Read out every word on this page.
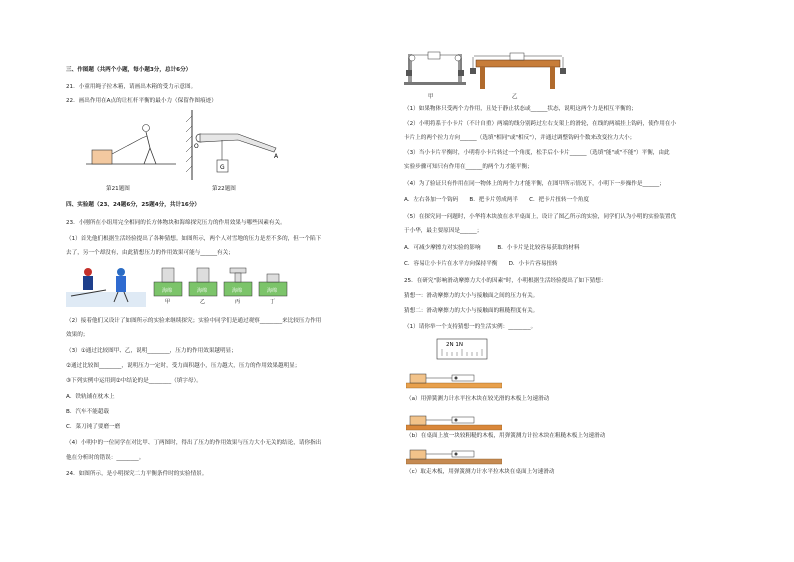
三、作图题（共两个小题，每小题3分，总计6分）
21．小童用绳子拉木箱，请画出木箱的受力示意图。
22．画出作用在A点的让杠杆平衡的最小力（保留作图痕迹）
第21题图
G
O
A
第22题图
四、实验题（23、24题6分，25题4分，共计16分）
23．小刚所在小组用完全相同的长方体物块和海绵探究压力的作用效果与哪些因素有关。
（1）首先他们根据生活经验提出了各种猜想。如图所示，两个人对雪地的压力是差不多的，但一个陷下
去了，另一个却没有，由此猜想压力的作用效果可能与______有关；
海绵
甲
海绵
乙
海绵
丙
海绵
丁
（2）接着他们又设计了如图所示的实验来继续探究；实验中同学们是通过观察________来比较压力作用
效果的；
（3）①通过比较图甲、乙，说明________，压力的作用效果越明显；
②通过比较图________，说明压力一定时，受力面积越小，压力越大，压力的作用效果越明显；
③下列实例中运用到②中结论的是________（填字母）。
A．铁轨铺在枕木上
B．汽车不能超载
C．菜刀钝了要磨一磨
（4）小明中的一位同学在对比甲、丁两图时，得出了压力的作用效果与压力大小无关的结论，请你指出
他在分析时的错误：________。
24．如图所示，是小明探究二力平衡条件时的实验情景。
甲	乙
（1）如果物体只受两个力作用，且处于静止状态或______状态，说明这两个力是相互平衡的；
（2）小明将系于小卡片（不计自重）两端的线分别跨过左右支架上的滑轮，在线的两端挂上钩码，使作用在小
卡片上的两个拉力方向______（选填"相同"或"相反"），并通过调整钩码个数来改变拉力大小；
（3）当小卡片平衡时，小明将小卡片转过一个角度，松手后小卡片______（选填"能"或"不能"）平衡，由此
实验步骤可知只有作用在______的两个力才能平衡；
（4）为了验证只有作用在同一物体上的两个力才能平衡，在图甲所示情况下，小明下一步操作是______；
A．左右各加一个钩码　　B．把卡片剪成两半　　C．把卡片扭转一个角度
（5）在探究同一问题时，小华将木块放在水平桌面上，设计了图乙所示的实验，同学们认为小明的实验装置优
于小华，最主要原因是______；
A．可减少摩擦力对实验的影响　　　B．小卡片是比较容易获取的材料
C．容易让小卡片在水平方向保持平衡　　D．小卡片容易扭转
25．在研究"影响滑动摩擦力大小的因素"时，小明根据生活经验提出了如下猜想：
猜想一：滑动摩擦力的大小与接触面之间的压力有关。
猜想二：滑动摩擦力的大小与接触面的粗糙程度有关。
（1）请你举一个支持猜想一的生活实例：________。
2N 1N
（a）用弹簧测力计水平拉木块在较光滑的木板上匀速滑动
（b）在桌面上放一块较粗糙的木板，用弹簧测力计拉木块在粗糙木板上匀速滑动
（c）取走木板，用弹簧测力计水平拉木块在桌面上匀速滑动
